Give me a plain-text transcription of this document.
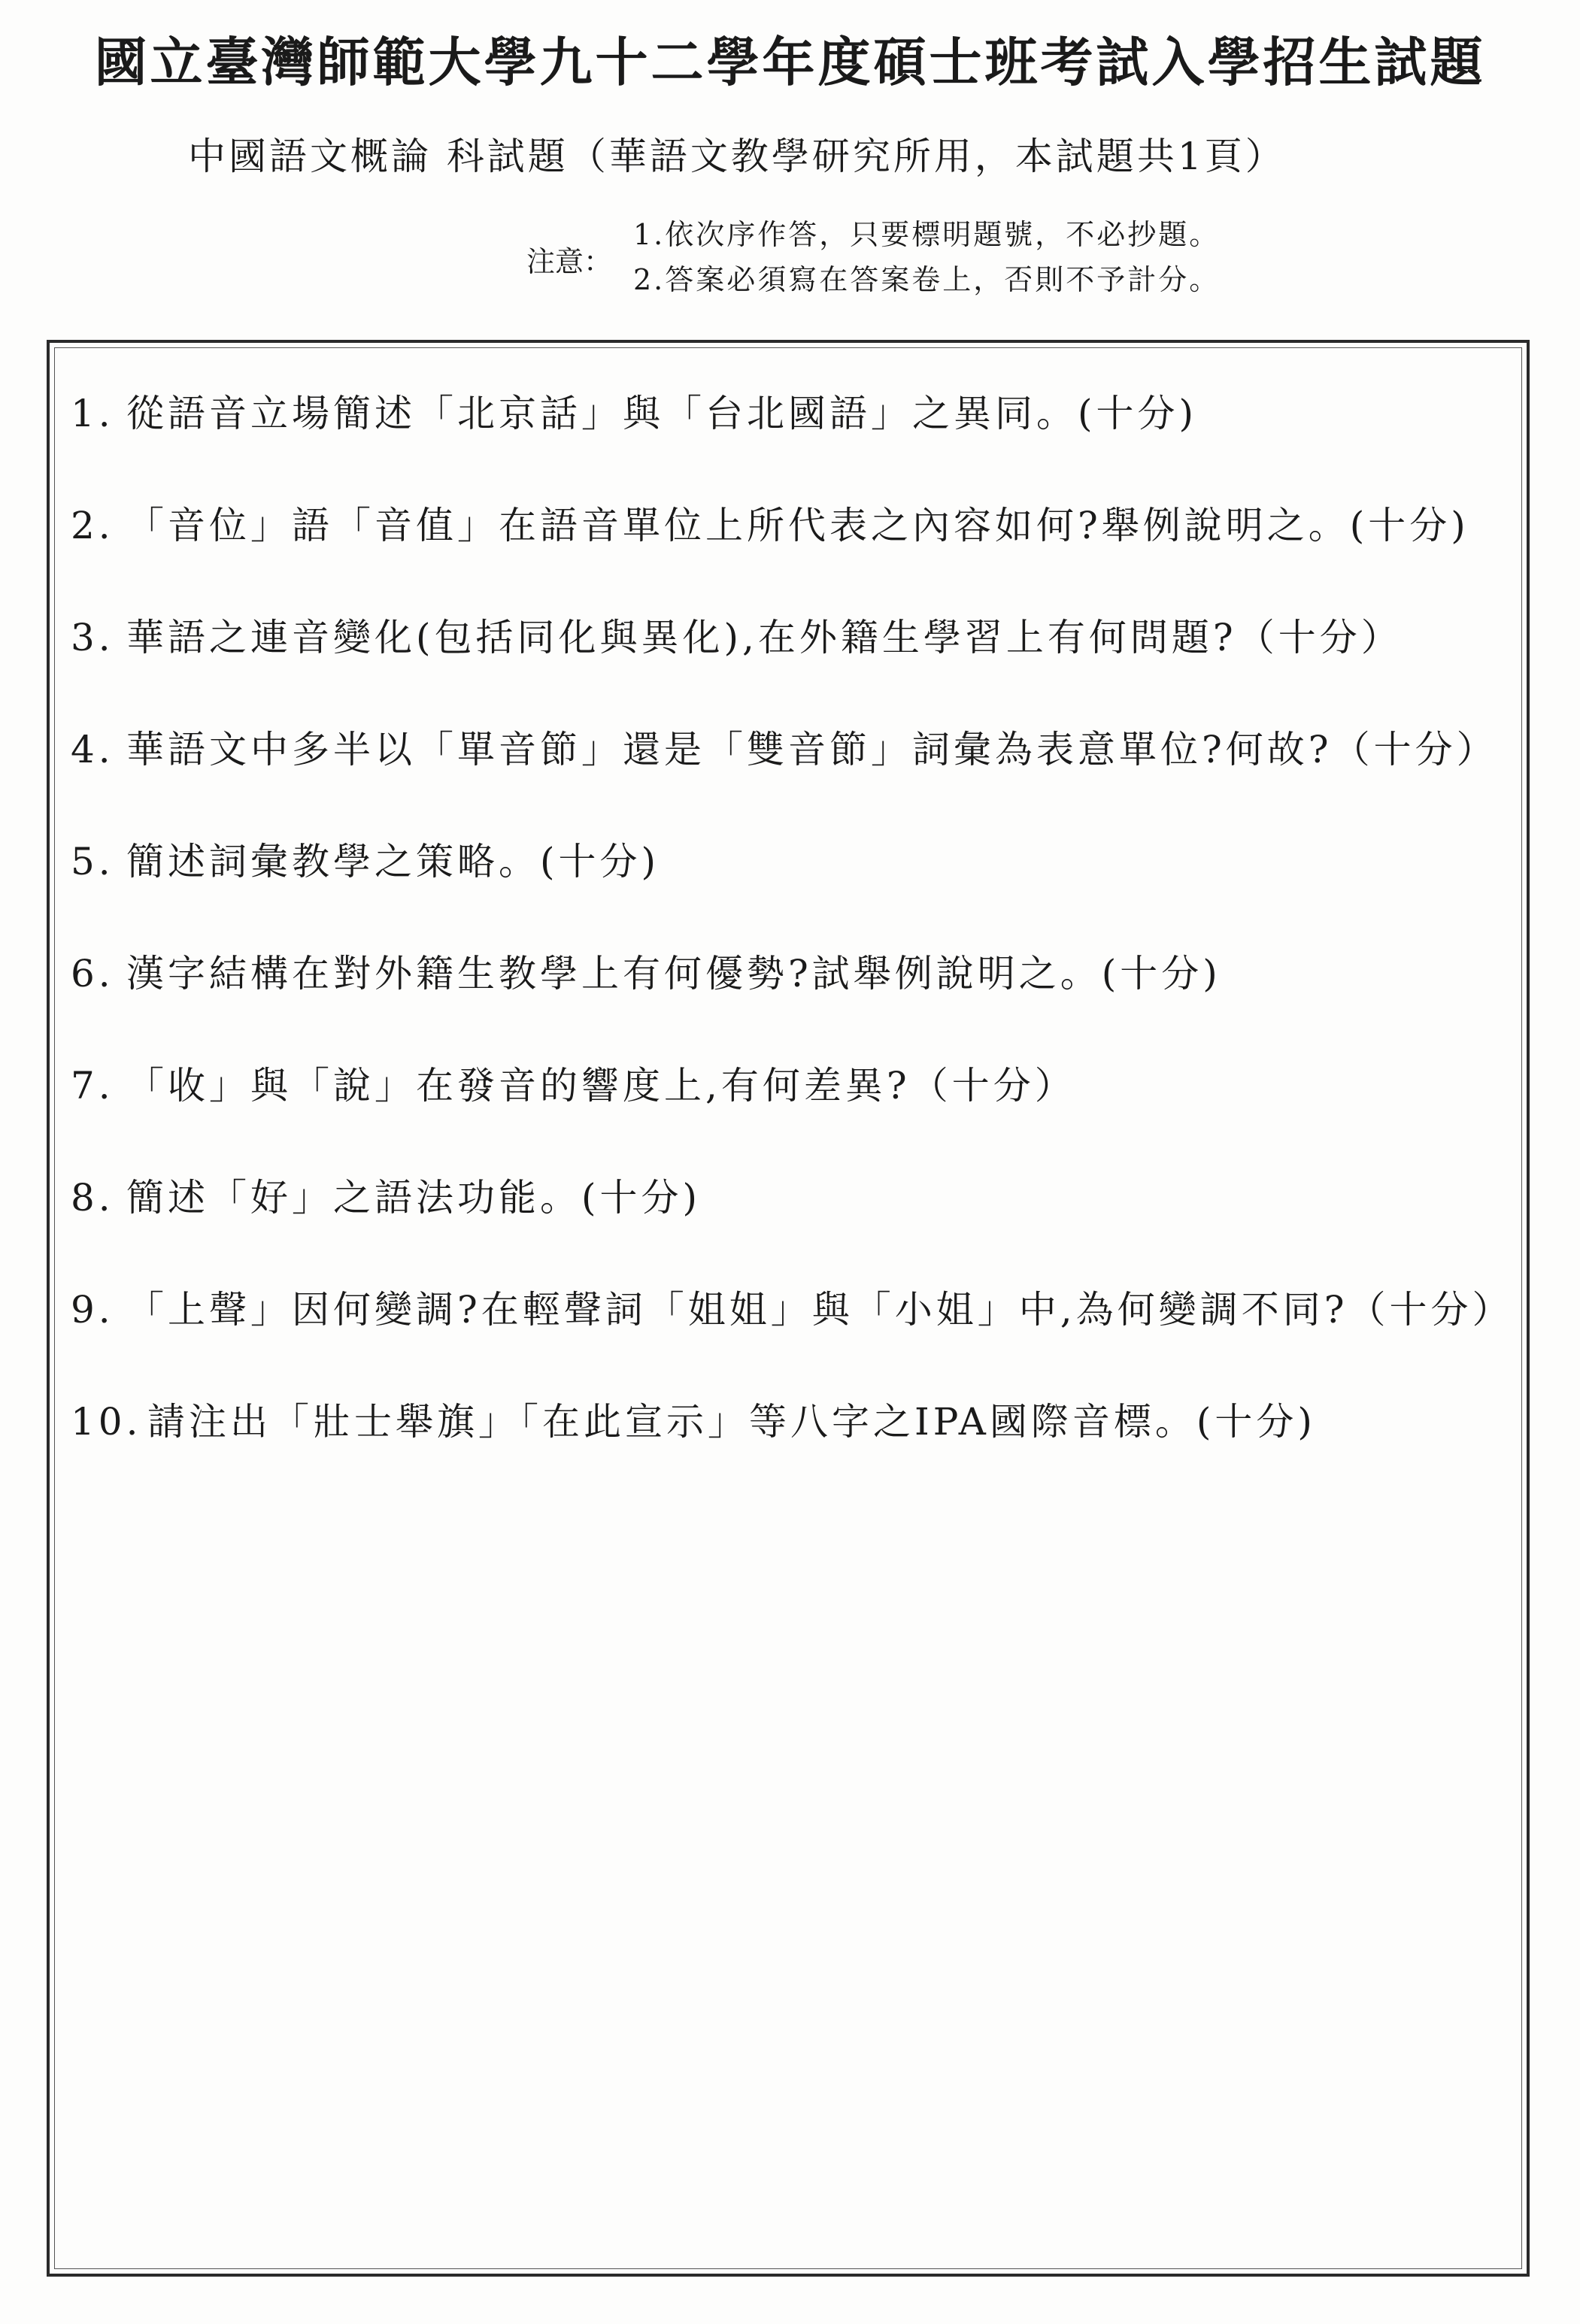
國立臺灣師範大學九十二學年度碩士班考試入學招生試題
中國語文概論 科試題（華語文教學研究所用，本試題共1頁）
注意：
1.依次序作答，只要標明題號，不必抄題。
2.答案必須寫在答案卷上，否則不予計分。
1. 從語音立場簡述「北京話」與「台北國語」之異同。(十分)
2. 「音位」語「音值」在語音單位上所代表之內容如何?舉例說明之。(十分)
3. 華語之連音變化(包括同化與異化),在外籍生學習上有何問題?（十分）
4. 華語文中多半以「單音節」還是「雙音節」詞彙為表意單位?何故?（十分）
5. 簡述詞彙教學之策略。(十分)
6. 漢字結構在對外籍生教學上有何優勢?試舉例說明之。(十分)
7. 「收」與「說」在發音的響度上,有何差異?（十分）
8. 簡述「好」之語法功能。(十分)
9. 「上聲」因何變調?在輕聲詞「姐姐」與「小姐」中,為何變調不同?（十分）
10. 請注出「壯士舉旗」「在此宣示」等八字之IPA國際音標。(十分)
